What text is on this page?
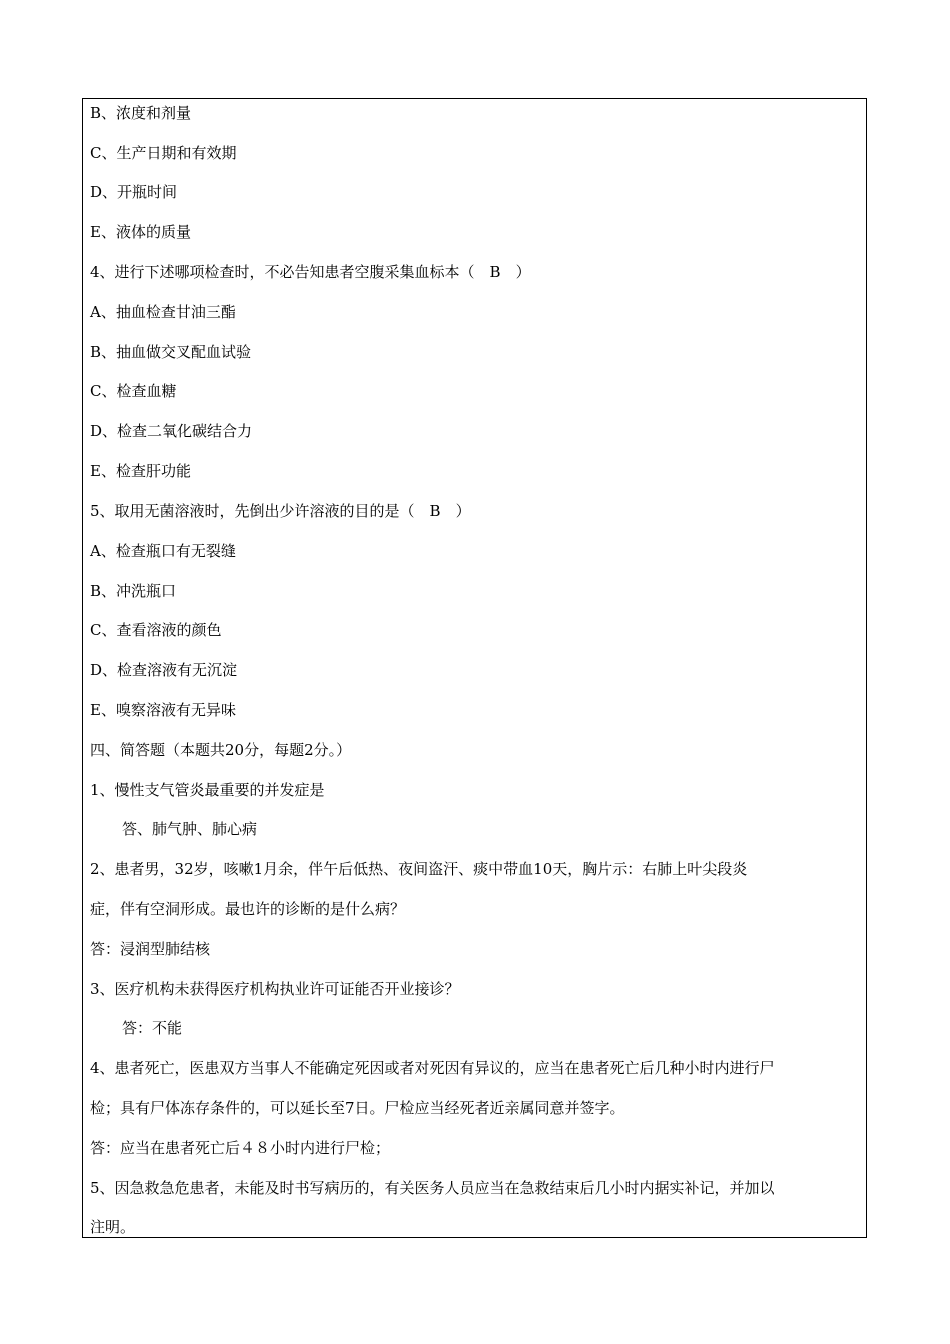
B、浓度和剂量
C、生产日期和有效期
D、开瓶时间
E、液体的质量
4、进行下述哪项检查时，不必告知患者空腹采集血标本（　B　）
A、抽血检查甘油三酯
B、抽血做交叉配血试验
C、检查血糖
D、检查二氧化碳结合力
E、检查肝功能
5、取用无菌溶液时，先倒出少许溶液的目的是（　B　）
A、检查瓶口有无裂缝
B、冲洗瓶口
C、查看溶液的颜色
D、检查溶液有无沉淀
E、嗅察溶液有无异味
四、简答题（本题共20分，每题2分。）
1、慢性支气管炎最重要的并发症是
答、肺气肿、肺心病
2、患者男，32岁，咳嗽1月余，伴午后低热、夜间盗汗、痰中带血10天，胸片示：右肺上叶尖段炎
症，伴有空洞形成。最也许的诊断的是什么病？
答：浸润型肺结核
3、医疗机构未获得医疗机构执业许可证能否开业接诊？
答：不能
4、患者死亡，医患双方当事人不能确定死因或者对死因有异议的，应当在患者死亡后几种小时内进行尸
检；具有尸体冻存条件的，可以延长至7日。尸检应当经死者近亲属同意并签字。
答：应当在患者死亡后４８小时内进行尸检；
5、因急救急危患者，未能及时书写病历的，有关医务人员应当在急救结束后几小时内据实补记，并加以
注明。
